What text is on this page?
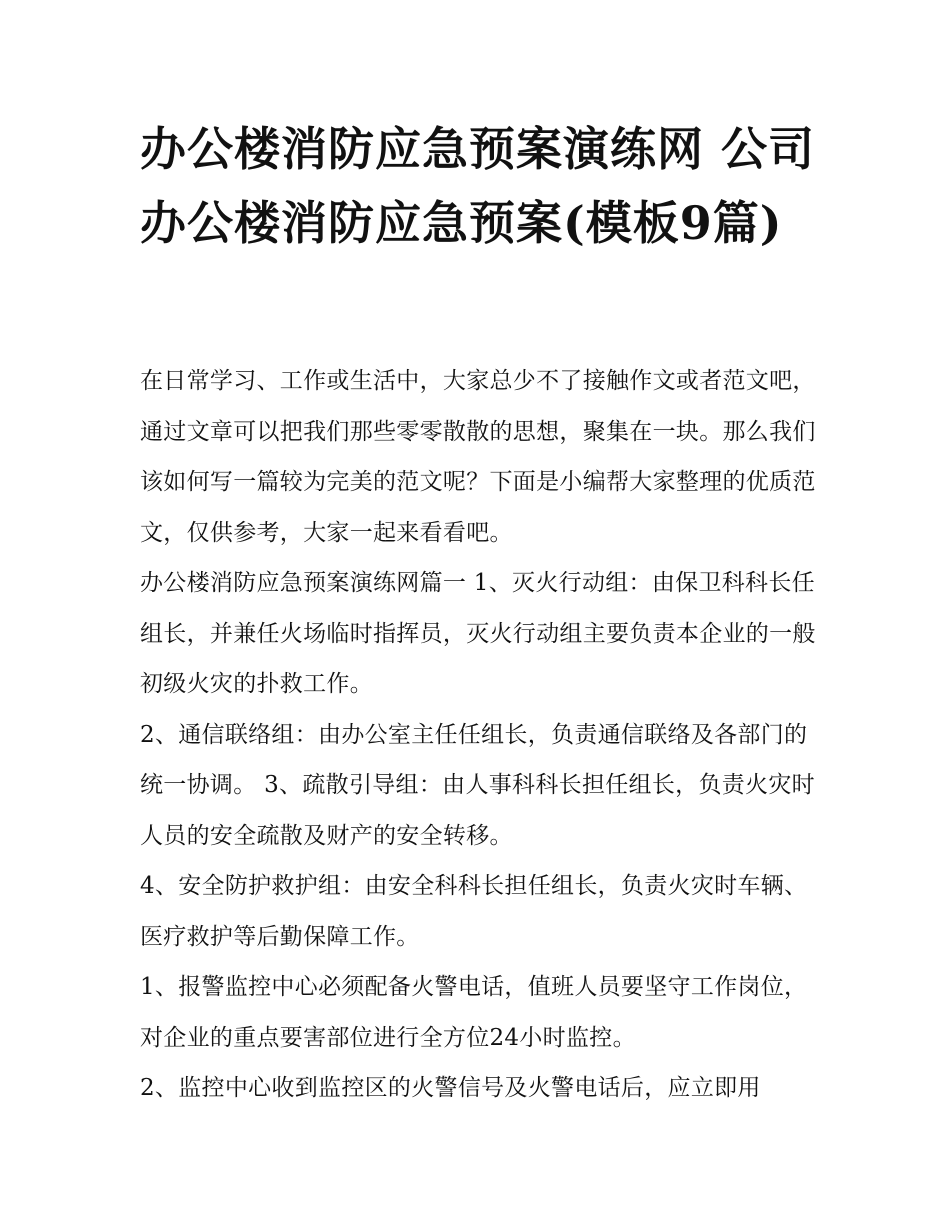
办公楼消防应急预案演练网 公司办公楼消防应急预案(模板9篇)

在日常学习、工作或生活中，大家总少不了接触作文或者范文吧，通过文章可以把我们那些零零散散的思想，聚集在一块。那么我们该如何写一篇较为完美的范文呢？下面是小编帮大家整理的优质范文，仅供参考，大家一起来看看吧。

办公楼消防应急预案演练网篇一 1、灭火行动组：由保卫科科长任组长，并兼任火场临时指挥员，灭火行动组主要负责本企业的一般初级火灾的扑救工作。

2、通信联络组：由办公室主任任组长，负责通信联络及各部门的统一协调。 3、疏散引导组：由人事科科长担任组长，负责火灾时人员的安全疏散及财产的安全转移。

4、安全防护救护组：由安全科科长担任组长，负责火灾时车辆、医疗救护等后勤保障工作。

1、报警监控中心必须配备火警电话，值班人员要坚守工作岗位，对企业的重点要害部位进行全方位24小时监控。

2、监控中心收到监控区的火警信号及火警电话后，应立即用
